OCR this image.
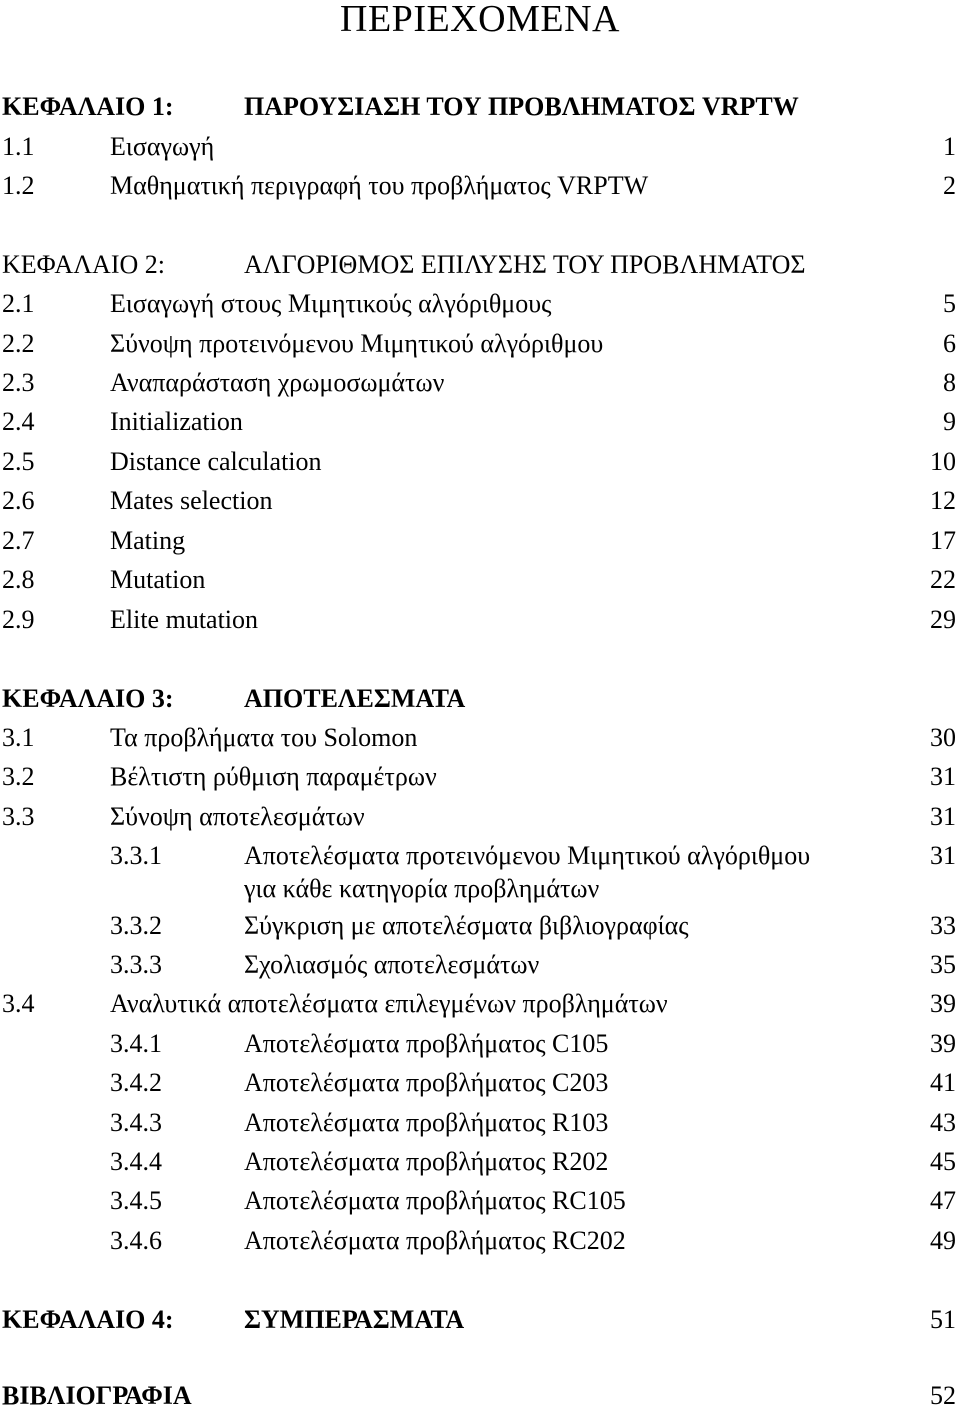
ΠΕΡΙΕΧΟΜΕΝΑ
ΚΕΦΑΛΑΙΟ 1:	ΠΑΡΟΥΣΙΑΣΗ ΤΟΥ ΠΡΟΒΛΗΜΑΤΟΣ VRPTW
1.1	Εισαγωγή	1
1.2	Μαθηματική περιγραφή του προβλήματος VRPTW	2
ΚΕΦΑΛΑΙΟ 2:	ΑΛΓΟΡΙΘΜΟΣ ΕΠΙΛΥΣΗΣ ΤΟΥ ΠΡΟΒΛΗΜΑΤΟΣ
2.1	Εισαγωγή στους Μιμητικούς αλγόριθμους	5
2.2	Σύνοψη προτεινόμενου Μιμητικού αλγόριθμου	6
2.3	Αναπαράσταση χρωμοσωμάτων	8
2.4	Initialization	9
2.5	Distance calculation	10
2.6	Mates selection	12
2.7	Mating	17
2.8	Mutation	22
2.9	Elite mutation	29
ΚΕΦΑΛΑΙΟ 3:	ΑΠΟΤΕΛΕΣΜΑΤΑ
3.1	Τα προβλήματα του Solomon	30
3.2	Βέλτιστη ρύθμιση παραμέτρων	31
3.3	Σύνοψη αποτελεσμάτων	31
3.3.1	Αποτελέσματα προτεινόμενου Μιμητικού αλγόριθμου	31
για κάθε κατηγορία προβλημάτων
3.3.2	Σύγκριση με αποτελέσματα βιβλιογραφίας	33
3.3.3	Σχολιασμός αποτελεσμάτων	35
3.4	Αναλυτικά αποτελέσματα επιλεγμένων προβλημάτων	39
3.4.1	Αποτελέσματα προβλήματος C105	39
3.4.2	Αποτελέσματα προβλήματος C203	41
3.4.3	Αποτελέσματα προβλήματος R103	43
3.4.4	Αποτελέσματα προβλήματος R202	45
3.4.5	Αποτελέσματα προβλήματος RC105	47
3.4.6	Αποτελέσματα προβλήματος RC202	49
ΚΕΦΑΛΑΙΟ 4:	ΣΥΜΠΕΡΑΣΜΑΤΑ	51
ΒΙΒΛΙΟΓΡΑΦΙΑ	52
